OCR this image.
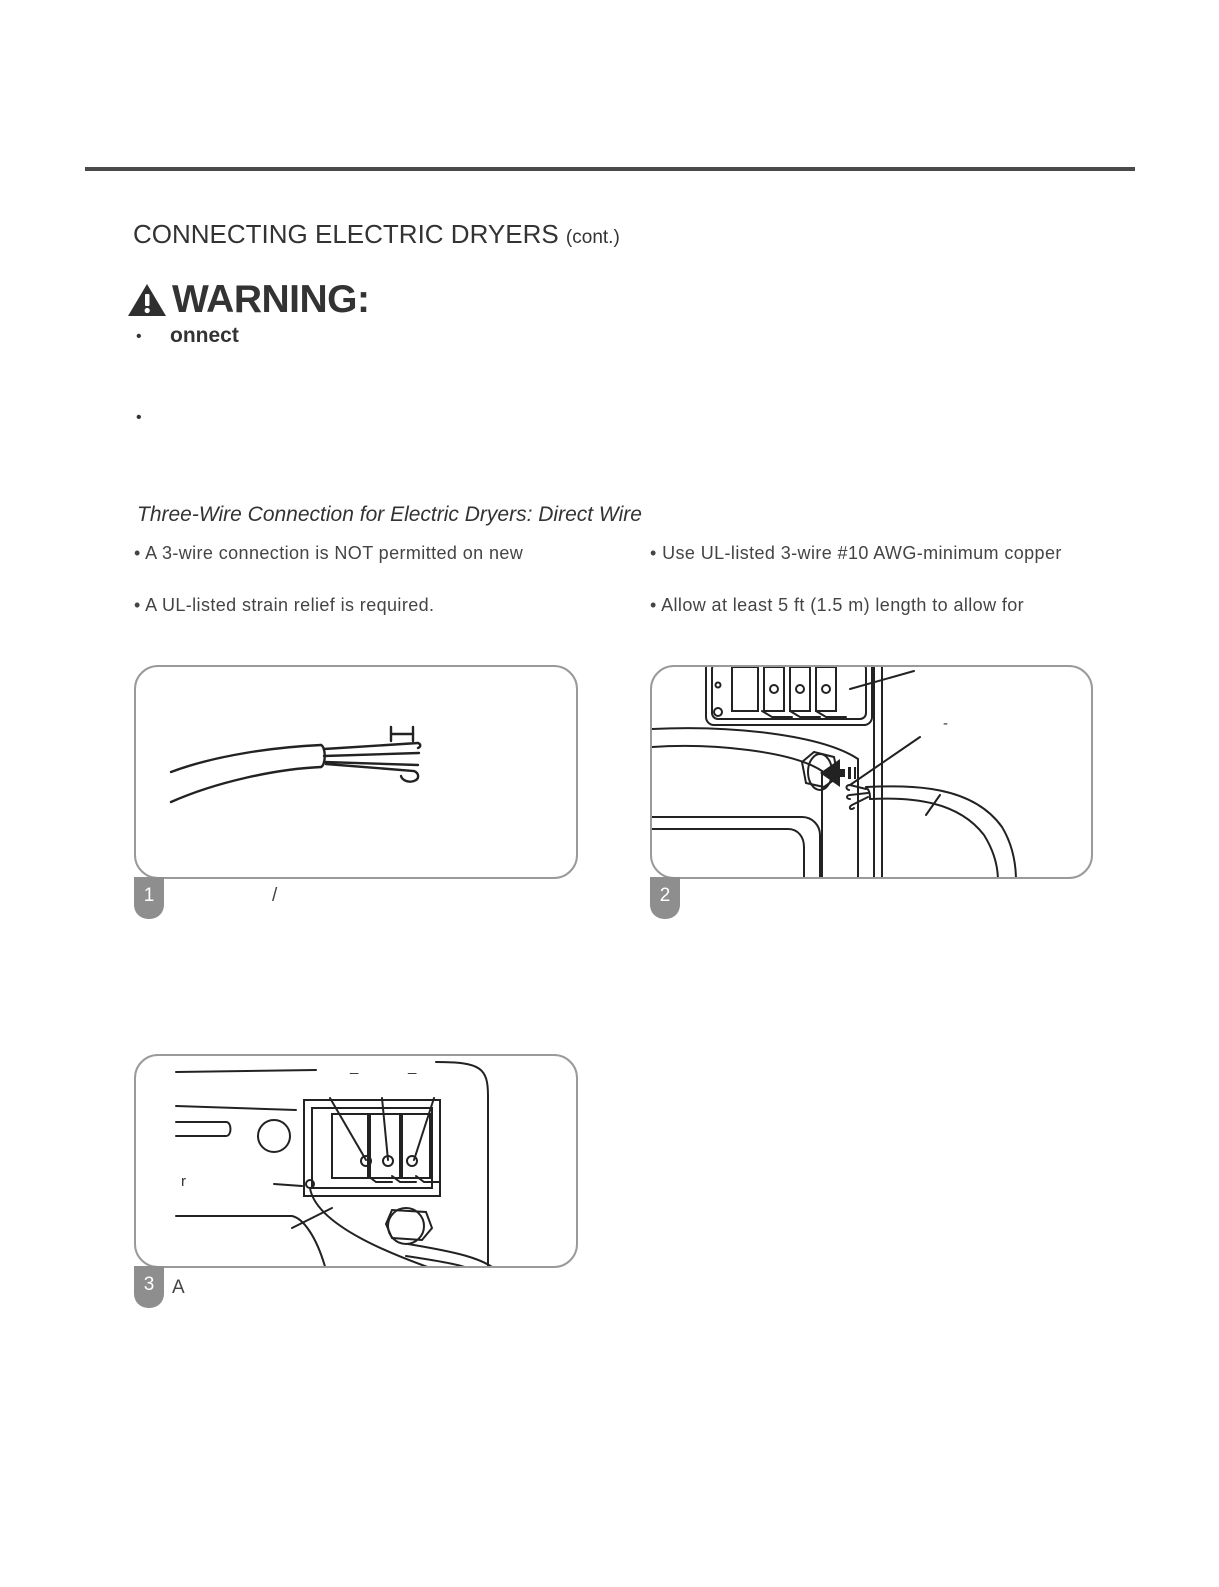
CONNECTING ELECTRIC DRYERS (cont.)
WARNING:
• onnect
•
Three-Wire Connection for Electric Dryers: Direct Wire
• A 3-wire connection is NOT permitted on new	• Use UL-listed 3-wire #10 AWG-minimum copper
• A UL-listed strain relief is required.	• Allow at least 5 ft (1.5 m) length to allow for
1	/
-
2
r
_	_
3 A
